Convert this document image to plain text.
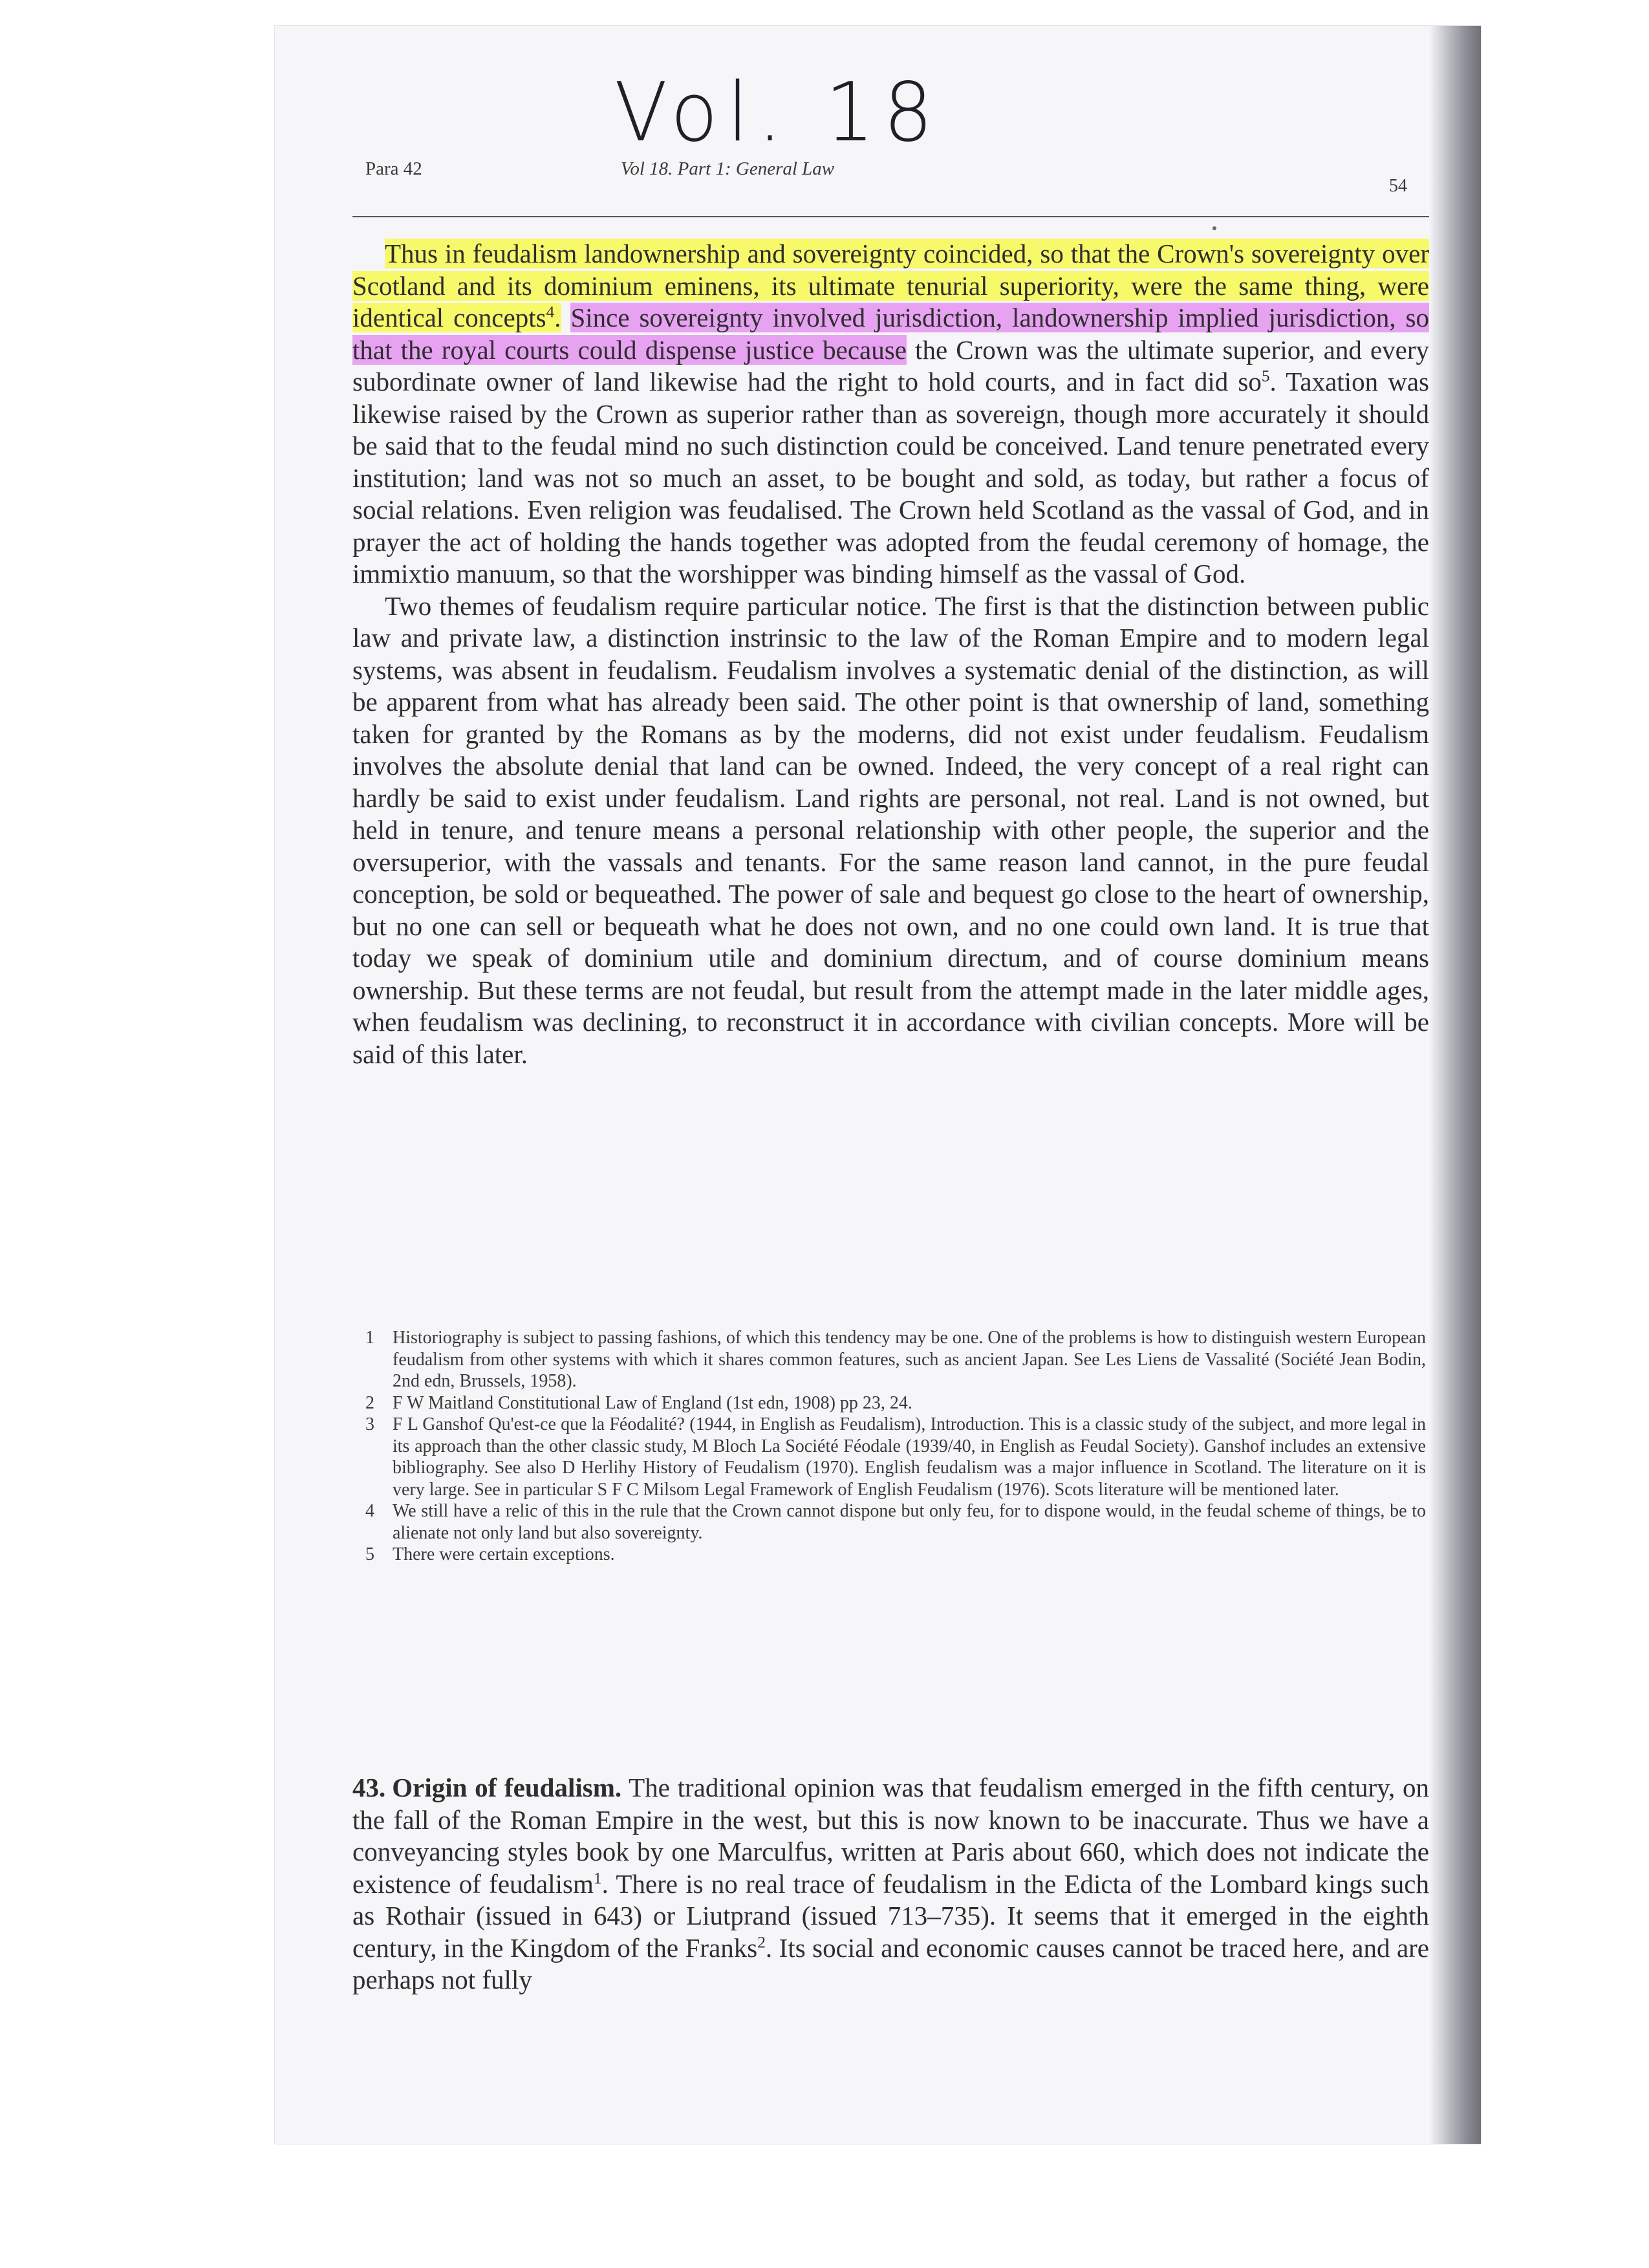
Vol. 18
Para 42	Vol 18. Part 1: General Law
54

Thus in feudalism landownership and sovereignty coincided, so that the Crown's sovereignty over Scotland and its dominium eminens, its ultimate tenurial superiority, were the same thing, were identical concepts$^4$. Since sovereignty involved jurisdiction, landownership implied jurisdiction, so that the royal courts could dispense justice because the Crown was the ultimate superior, and every subordinate owner of land likewise had the right to hold courts, and in fact did $so^5$. Taxation was likewise raised by the Crown as superior rather than as sovereign, though more accurately it should be said that to the feudal mind no such distinction could be conceived. Land tenure penetrated every institution; land was not so much an asset, to be bought and sold, as today, but rather a focus of social relations. Even religion was feudalised. The Crown held Scotland as the vassal of God, and in prayer the act of holding the hands together was adopted from the feudal ceremony of homage, the immixtio manuum, so that the worshipper was binding himself as the vassal of God.

Two themes of feudalism require particular notice. The first is that the distinction between public law and private law, a distinction instrinsic to the law of the Roman Empire and to modern legal systems, was absent in feudalism. Feudalism involves a systematic denial of the distinction, as will be apparent from what has already been said. The other point is that ownership of land, something taken for granted by the Romans as by the moderns, did not exist under feudalism. Feudalism involves the absolute denial that land can be owned. Indeed, the very concept of a real right can hardly be said to exist under feudalism. Land rights are personal, not real. Land is not owned, but held in tenure, and tenure means a personal relationship with other people, the superior and the oversuperior, with the vassals and tenants. For the same reason land cannot, in the pure feudal conception, be sold or bequeathed. The power of sale and bequest go close to the heart of ownership, but no one can sell or bequeath what he does not own, and no one could own land. It is true that today we speak of dominium utile and dominium directum, and of course dominium means ownership. But these terms are not feudal, but result from the attempt made in the later middle ages, when feudalism was declining, to reconstruct it in accordance with civilian concepts. More will be said of this later.

1	Historiography is subject to passing fashions, of which this tendency may be one. One of the problems is how to distinguish western European feudalism from other systems with which it shares common features, such as ancient Japan. See Les Liens de Vassalité (Société Jean Bodin, 2nd edn, Brussels, 1958).
2	F W Maitland Constitutional Law of England (1st edn, 1908) pp 23, 24.
3	F L Ganshof Qu'est-ce que la Féodalité? (1944, in English as Feudalism), Introduction. This is a classic study of the subject, and more legal in its approach than the other classic study, M Bloch La Société Féodale (1939/40, in English as Feudal Society). Ganshof includes an extensive bibliography. See also D Herlihy History of Feudalism (1970). English feudalism was a major influence in Scotland. The literature on it is very large. See in particular S F C Milsom Legal Framework of English Feudalism (1976). Scots literature will be mentioned later.
4	We still have a relic of this in the rule that the Crown cannot dispone but only feu, for to dispone would, in the feudal scheme of things, be to alienate not only land but also sovereignty.
5	There were certain exceptions.

43. Origin of feudalism. The traditional opinion was that feudalism emerged in the fifth century, on the fall of the Roman Empire in the west, but this is now known to be inaccurate. Thus we have a conveyancing styles book by one Marculfus, written at Paris about 660, which does not indicate the existence of feudalism$^1$. There is no real trace of feudalism in the Edicta of the Lombard kings such as Rothair (issued in 643) or Liutprand (issued 713–735). It seems that it emerged in the eighth century, in the Kingdom of the Franks$^2$. Its social and economic causes cannot be traced here, and are perhaps not fully
